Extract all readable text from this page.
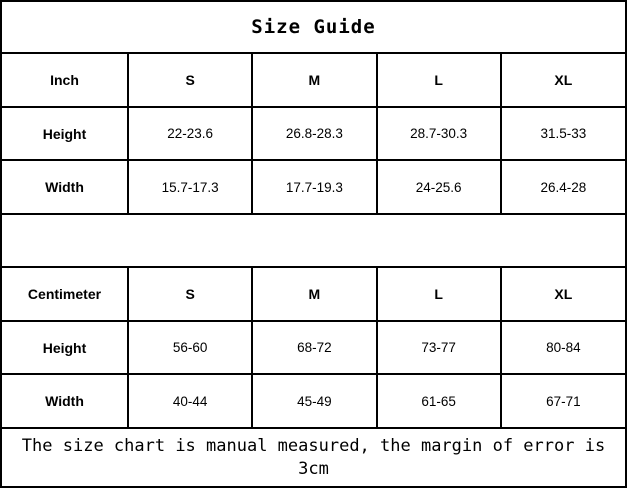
Size Guide
Inch	S	M	L	XL
Height	22-23.6	26.8-28.3	28.7-30.3	31.5-33
Width	15.7-17.3	17.7-19.3	24-25.6	26.4-28
Centimeter	S	M	L	XL
Height	56-60	68-72	73-77	80-84
Width	40-44	45-49	61-65	67-71
The size chart is manual measured, the margin of error is 3cm
